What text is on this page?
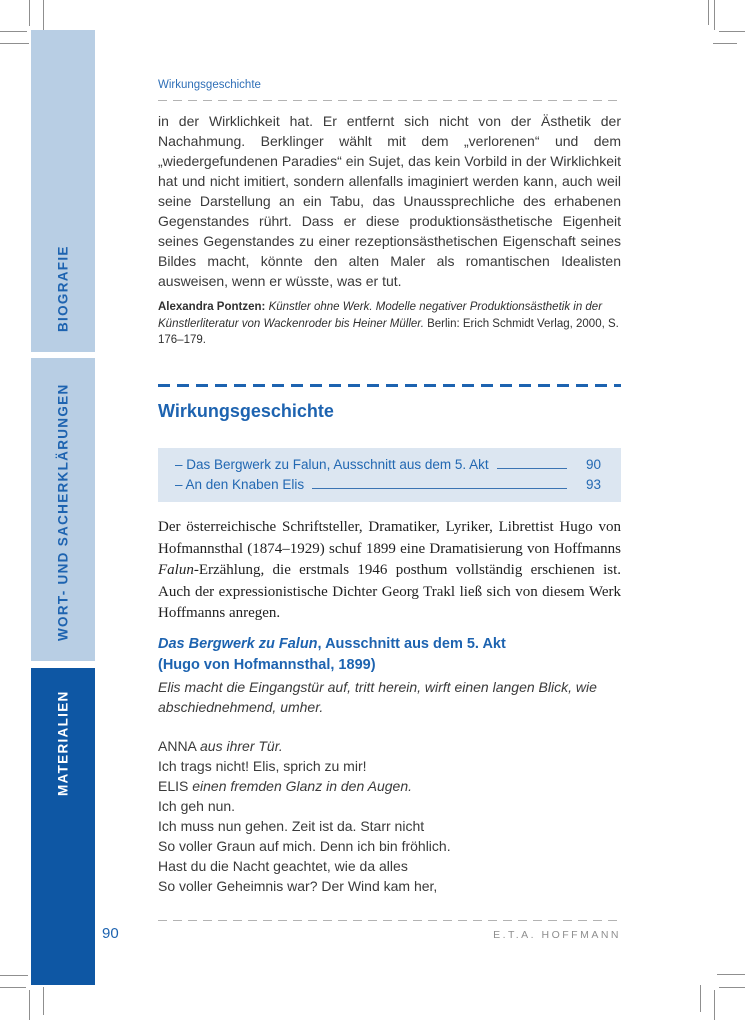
BIOGRAFIE
WORT- UND SACHERKLÄRUNGEN
MATERIALIEN
Wirkungsgeschichte

in der Wirklichkeit hat. Er entfernt sich nicht von der Ästhetik der Nachahmung. Berklinger wählt mit dem „verlorenen“ und dem „wiedergefundenen Paradies“ ein Sujet, das kein Vorbild in der Wirklichkeit hat und nicht imitiert, sondern allenfalls imaginiert werden kann, auch weil seine Darstellung an ein Tabu, das Unaussprechliche des erhabenen Gegenstandes rührt. Dass er diese produktionsästhetische Eigenheit seines Gegenstandes zu einer rezeptionsästhetischen Eigenschaft seines Bildes macht, könnte den alten Maler als romantischen Idealisten ausweisen, wenn er wüsste, was er tut.

Alexandra Pontzen: Künstler ohne Werk. Modelle negativer Produktionsästhetik in der Künstlerliteratur von Wackenroder bis Heiner Müller. Berlin: Erich Schmidt Verlag, 2000, S. 176–179.

Wirkungsgeschichte
– Das Bergwerk zu Falun, Ausschnitt aus dem 5. Akt	90
– An den Knaben Elis	93

Der österreichische Schriftsteller, Dramatiker, Lyriker, Librettist Hugo von Hofmannsthal (1874–1929) schuf 1899 eine Dramatisierung von Hoffmanns Falun-Erzählung, die erstmals 1946 posthum vollständig erschienen ist. Auch der expressionistische Dichter Georg Trakl ließ sich von diesem Werk Hoffmanns anregen.

Das Bergwerk zu Falun, Ausschnitt aus dem 5. Akt
(Hugo von Hofmannsthal, 1899)

Elis macht die Eingangstür auf, tritt herein, wirft einen langen Blick, wie abschiednehmend, umher.

ANNA aus ihrer Tür.
Ich trags nicht! Elis, sprich zu mir!
ELIS einen fremden Glanz in den Augen.
Ich geh nun.
Ich muss nun gehen. Zeit ist da. Starr nicht
So voller Graun auf mich. Denn ich bin fröhlich.
Hast du die Nacht geachtet, wie da alles
So voller Geheimnis war? Der Wind kam her,
90	E.T.A. HOFFMANN
